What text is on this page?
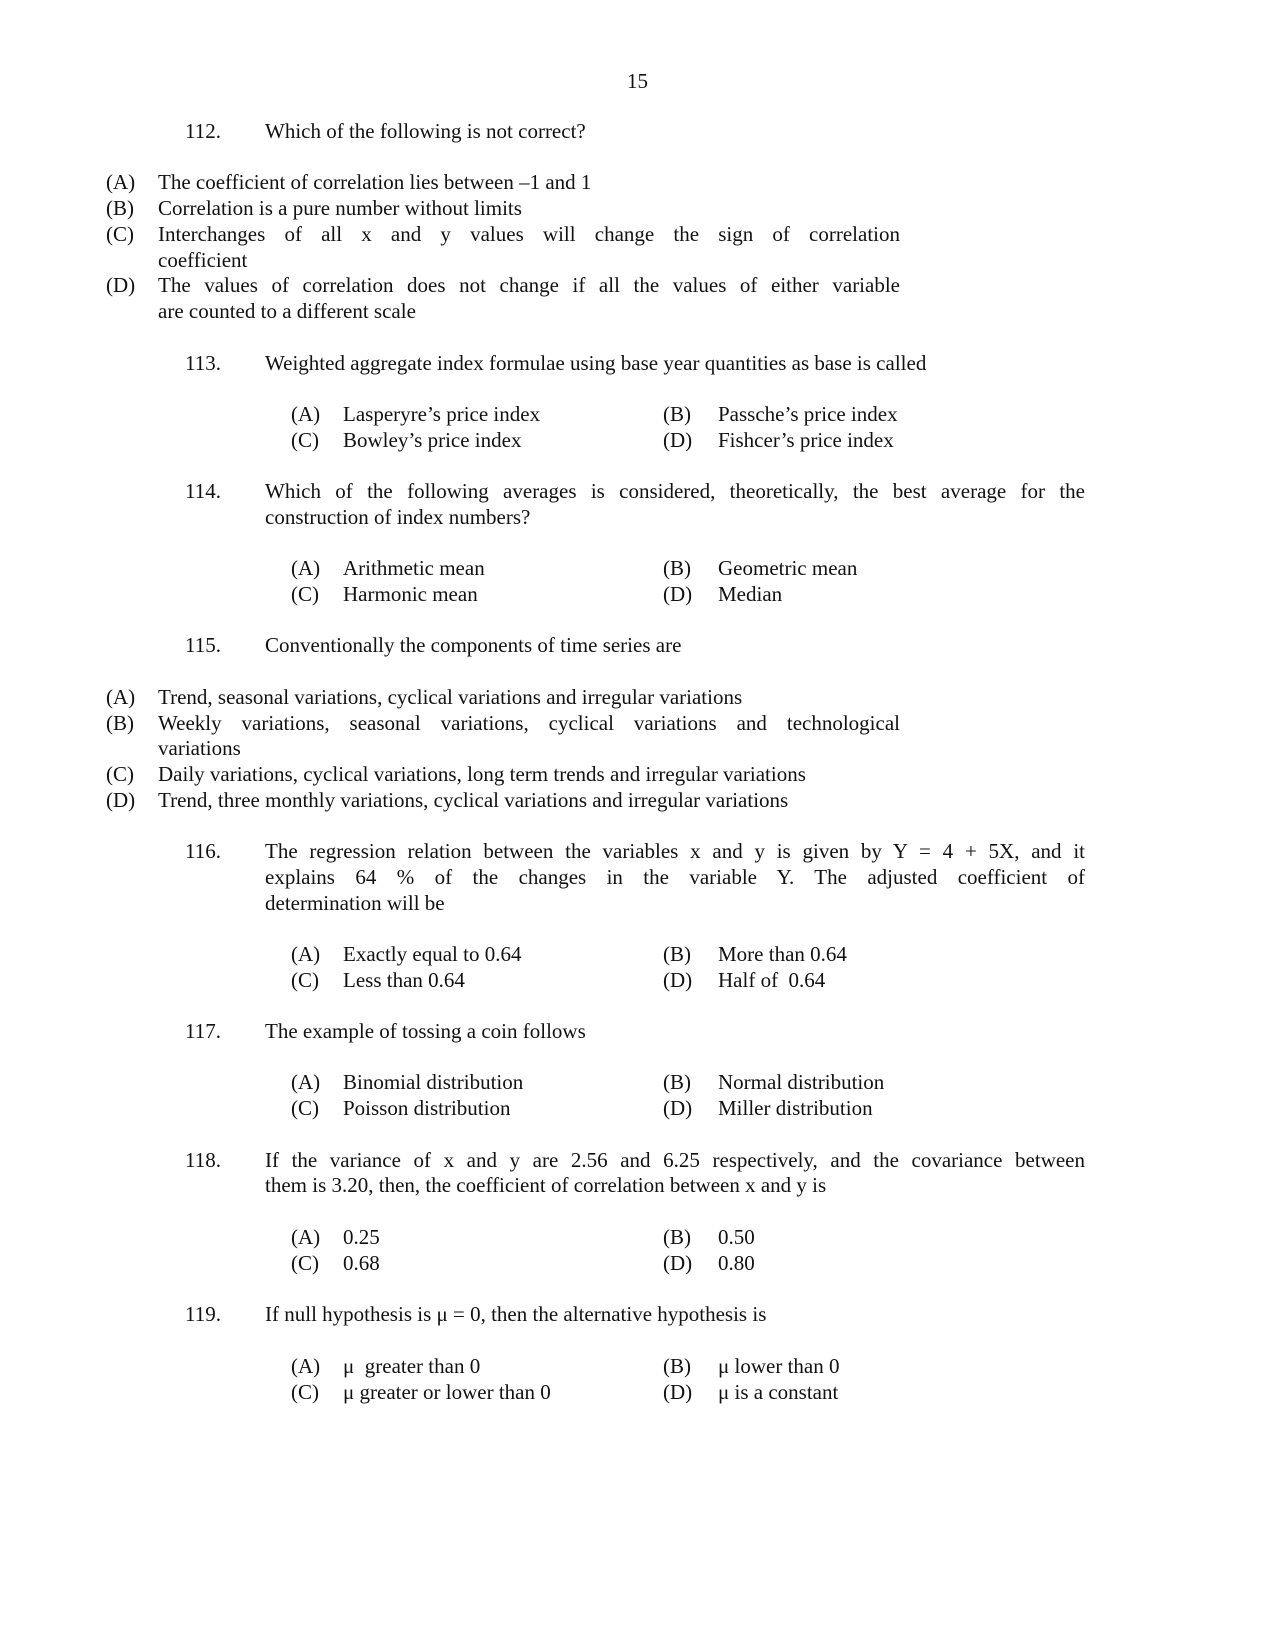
15
112.	Which of the following is not correct?
(A) The coefficient of correlation lies between –1 and 1
(B) Correlation is a pure number without limits
(C) Interchanges of all x and y values will change the sign of correlation
coefficient
(D) The values of correlation does not change if all the values of either variable
are counted to a different scale
113.	Weighted aggregate index formulae using base year quantities as base is called
(A) Lasperyre’s price index	(B) Passche’s price index
(C) Bowley’s price index	(D) Fishcer’s price index
114.	Which of the following averages is considered, theoretically, the best average for the
construction of index numbers?
(A) Arithmetic mean	(B) Geometric mean
(C) Harmonic mean	(D) Median
115.	Conventionally the components of time series are
(A) Trend, seasonal variations, cyclical variations and irregular variations
(B) Weekly variations, seasonal variations, cyclical variations and technological
variations
(C) Daily variations, cyclical variations, long term trends and irregular variations
(D) Trend, three monthly variations, cyclical variations and irregular variations
116.	The regression relation between the variables x and y is given by Y = 4 + 5X, and it
explains 64 % of the changes in the variable Y. The adjusted coefficient of
determination will be
(A) Exactly equal to 0.64	(B) More than 0.64
(C) Less than 0.64	(D) Half of  0.64
117.	The example of tossing a coin follows
(A) Binomial distribution	(B) Normal distribution
(C) Poisson distribution	(D) Miller distribution
118.	If the variance of x and y are 2.56 and 6.25 respectively, and the covariance between
them is 3.20, then, the coefficient of correlation between x and y is
(A) 0.25	(B) 0.50
(C) 0.68	(D) 0.80
119.	If null hypothesis is μ = 0, then the alternative hypothesis is
(A) μ  greater than 0	(B) μ lower than 0
(C) μ greater or lower than 0	(D) μ is a constant
